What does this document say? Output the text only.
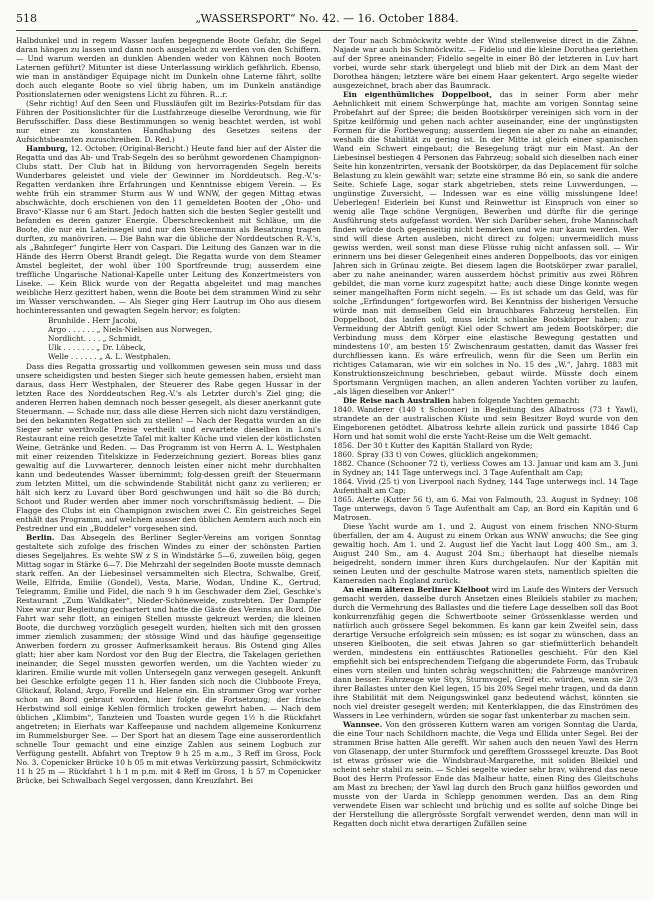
518	„WASSERSPORT“ No. 42. — 16. October 1884.

Halbdunkel und in regem Wasser laufen begegnende Boote Gefahr, die Segel daran hängen zu lassen und dann noch ausgelacht zu werden von den Schiffern. — Und warum werden an dunklen Abenden weder von Kähnen noch Booten Laternen geführt? Mitunter ist diese Unterlassung wirklich gefährlich. Ebenso, wie man in anständiger Equipage nicht im Dunkeln ohne Laterne fährt, sollte doch auch elegante Boote so viel übrig haben, um im Dunkeln anständige Positionslaternen oder wenigstens Licht zu führen. R...r.

(Sehr richtig! Auf den Seen und Flussläufen gilt im Bezirks-Potsdam für das Führen der Positionslichter für die Lustfahrzeuge dieselbe Verordnung, wie für Berufsschiffer. Dass diese Bestimmungen so wenig beachtet werden, ist wohl nur einer zu konstanten Handhabung des Gesetzes seitens der Aufsichtsbeamten zuzuschreiben. D. Red.)

Hamburg, 12. October. (Original-Bericht.) Heute fand hier auf der Alster die Regatta und das Ab- und Trab-Segeln des so berühmt gewordenen Champignon-Clubs statt. Der Club hat in Bildung von hervorragenden Segeln bereits Wunderbares geleistet und viele der Gewinner im Norddeutsch. Reg.-V.'s-Regatten verdanken ihre Erfahrungen und Kenntnisse ebigem Verein. — Es wehte früh ein strammer Sturm aus W und WNW, der gegen Mittag etwas abschwächte, doch erschienen von den 11 gemeldeten Booten der „Oho- und Bravo“-Klasse nur 6 am Start. Jedoch hatten sich die besten Segler gestellt und befanden es deren ganzer Energie. Überschreckenheit mit Schläue, um die Boote, die nur ein Lateinsegel und nur den Steuermann als Besatzung tragen durften, zu manövriren. — Die Bahn war die übliche der Norddeutschen R.-V.'s, als „Bahnfeger“ fungirte Herr von Caspari. Die Leitung des Ganzen war in die Hände des Herrn Oberst Brandt gelegt. Die Regatta wurde von dem Steamer Amstel begleitet, der wohl über 100 Sportfreunde trug; ausserdem eine treffliche Ungarische National-Kapelle unter Leitung des Konzertmeisters von Liseke. — Kein Blick wurde von der Regatta abgeleitet und mag manches weibliche Herz gezittert haben, wenn die Boote bei dem strammen Wind zu sehr im Wasser verschwanden. — Als Sieger ging Herr Lautrup im Oho aus diesem hochinteressanten und gewagten Segeln hervor; es folgten:

Brunhilde . Herr Jacobi,
Argo . . . . . . „ Niels-Nielsen aus Norwegen,
Nordlicht. . . . „ Schmidt,
Ulk . . . . . . . „ Dr. Lübeck,
Welle . . . . . . „ A. L. Westphalen.

Dass dies Regatta grossartig und vollkommen gewesen sein muss und dass unsere scheidigsten und besten Sieger sich heute gemessen haben, ersieht man daraus, dass Herr Westphalen, der Steuerer des Rabe gegen Hussar in der letzten Race des Norddeutschen Reg.-V.'s als Letzter durch's Ziel ging; die anderen Herren haben demnach noch besser gesegelt, als dieser anerkannt gute Steuermann. — Schade nur, dass alle diese Herren sich nicht dazu verständigen, bei den bekannten Regatten sich zu stellen! — Nach der Regatta wurden an die Sieger sehr werthvolle Preise vertheilt und erwartete dieselben in Loni's Restaurant eine reich gesetzte Tafel mit kalter Küche und vielen der köstlichsten Weine, Getränke und Reden. — Das Programm ist von Herrn A. L. Westphalen mit einer reizenden Titelskizze in Federzeichnung geziert. Boreas blies ganz gewaltig auf die Luvwarterer, dennoch leisten einer nicht mehr durchhalten kann und bedeutendes Wasser übernimmt; folg-dessen greift der Steuermann zum letzten Mittel, um die schwindende Stabilität nicht ganz zu verlieren; er hält sich kerz zu Luvard über Bord geschwungen und hält so die Bö durch; Schoot und Ruder werden aber immer noch vorschriftsmässig bedient. — Die Flagge des Clubs ist ein Champignon zwischen zwei C. Ein geistreiches Segel enthält das Programm, auf welchem ausser den üblichen Aemtern auch noch ein Pestredner und ein „Buddeler“ vorgesehen sind.

Berlin. Das Absegeln des Berliner Segler-Vereins am vorigen Sonntag gestaltete sich zufolge des frischen Windes zu einer der schönsten Partien dieses Segeljahres. Es wehte SW z S in Windstärke 5—6, zuweilen böig, gegen Mittag sogar in Stärke 6—7. Die Mehrzahl der segelnden Boote musste demnach stark reffen. An der Liebesinsel versammelten sich Electra, Schwalbe, Greif, Welle, Elfrida, Emilie (Gondel), Vesta, Marie, Wodan, Undine K., Gertrud, Telegramm, Emilie und Fidel, die nach 9 h im Geschwader dem Ziel, Geschke's Restaurant „Zum Waldkater“, Nieder-Schöneweide, zustrebten. Der Dampfer Nixe war zur Begleitung gechartert und hatte die Gäste des Vereins an Bord. Die Fahrt war sehr flott, an einigen Stellen musste gekreuzt werden; die kleinen Boote, die durchweg vorzüglich gesegelt wurden, hielten sich mit den grossen immer ziemlich zusammen; der stössige Wind und das häufige gegenseitige Anwerben fordern zu grosser Aufmerksamkeit heraus. Bis Ostend ging Alles glatt; hier aber kam Nordost vor den Bug der Electra, die Takelagen geriethen ineinander, die Segel mussten geworfen werden, um die Yachten wieder zu klariren. Emilie wurde mit vollen Untersegeln ganz verwegen gesegelt. Ankunft bei Geschke erfolgte gegen 11 h. Hier fanden sich noch die Clubboote Freya, Glückauf, Roland, Argo, Forelle und Helene ein. Ein strammer Grog war vorher schon an Bord gebraut worden, hier folgte die Fortsetzung; der frische Herbstwind soll einige Kehlen förmlich trocken gewehrt haben. — Nach dem üblichen „Klimbim“, Tanzteien und Toasten wurde gegen 1½ h die Rückfahrt angetreten; in Eierhats war Kaffeepause und nachdem allgemeine Konkurrenz im Rummelsburger See. — Der Sport hat an diesem Tage eine ausserordentlich schnelle Tour gemacht und eine einzige Zahlen aus seinem Logbuch zur Verfügung gestellt. Abfahrt von Treptow 9 h 25 m a.m., 3 Reff im Gross, Fock No. 3. Copenicker Brücke 10 h 05 m mit etwas Verkürzung passirt, Schmöckwitz 11 h 25 m — Rückfahrt 1 h 1 m p.m. mit 4 Reff im Gross, 1 h 57 m Copenicker Brücke, bei Schwalbach Segel vergossen, dann Kreuzfahrt. Bei

der Tour nach Schmöckwitz wehte der Wind stellenweise direct in die Zähne. Najade war auch bis Schmöckwitz. — Fidelio und die kleine Dorothea geriethen auf der Spree aneinander; Fidelio segelte in einer Bö der letzteren in Luv hart vorbei, wurde sehr stark übergelegt und blieb mit der Dirk an dem Mast der Dorothea hängen; letztere wäre bei einem Haar gekentert. Argo segelte wieder ausgezeichnet, brach aber das Baumrack.

Ein eigenthümliches Doppelboot, das in seiner Form aber mehr Aehnlichkeit mit einem Schwerpünge hat, machte am vorigen Sonntag seine Probefahrt auf der Spree; die beiden Bootskörper vereinigen sich vorn in der Spitze keilförmig und gehen nach achter auseinander, eine der ungünstigsten Formen für die Fortbewegung; ausserdem liegen sie aber zu nahe an einander, weshalb die Stabilität zu gering ist. In der Mitte ist gleich einer spanischen Wand ein Schwert eingebaut; die Besegelung trägt nur ein Mast. An der Liebesinsel bestiegen 4 Personen das Fahrzeug; sobald sich dieselben nach einer Seite hin konzentrirten, versank der Bootskörper, da das Deplacement für solche Belastung zu klein gewählt war; setzte eine stramme Bö ein, so sank die andere Seite. Schiefe Lage, sogar stark abgetrieben, stets reine Luvwerdungen, — ungünstige Zuversicht, — Indessen war es eine völlig misslungene Idee! Ueberlegen! Eiderlein bei Kunst und Reinwettur ist Einspruch von einer so wenig alle Tage schöne Vergnügen, Bewerben und dürfte für die geringe Ausführung stets aufgefasst worden. Wer sich Darüber sehen, frohe Mannschaft finden würde doch gegenseitig nicht bemerken und wie nur kaum werden. Wer sind will diese Arten ausleben, nicht direct zu folgen: unvermeidlich muss gewiss werden, weil sonst man diese Flüsse ruhig nicht anfassen soll. — Wir erinnern uns bei dieser Gelegenheit eines anderen Doppelboots, das vor einigen Jahren sich in Grünau zeigte. Bei diesem lagen die Bootskörper zwar parallel, aber zu nahe aneinander, waren ausserdem höchst primitiv aus zwei Röhren gebildet, die man vorne kurz zugespitzt hatte; auch diese Dinge konnte wegen seiner mangelhaften Form nicht segeln. — Es ist schade um das Geld, was für solche „Erfindungen“ fortgeworfen wird. Bei Kenntniss der bisherigen Versuche würde man mit demselben Geld ein brauchbares Fahrzeug herstellen. Ein Doppelboot, das laufen soll, muss leicht schlanke Bootskörper haben; zur Vermeidung der Abtrift genügt Kiel oder Schwert am jedem Bootskörper; die Verbindung muss dem Körper eine elastische Bewegung gestatten und mindestens 10', am besten 15' Zwischenraum gestatten, damit das Wasser frei durchfliessen kann. Es wäre erfreulich, wenn für die Seen um Berlin ein richtiges Catamaran, wie wir ein solches in No. 15 des „W.“, Jahrg. 1883 mit Konstruktionszeichnung beschrieben, gebaut würde. Müsste doch einem Sportsmann Vergnügen machen, an allen anderen Yachten vorüber zu laufen, „als lägen dieselben vor Anker!“

Die Reise nach Australien haben folgende Yachten gemacht:

1840. Wanderer (140 t Schooner) in Begleitung des Albatross (73 t Yawl), strandete an der australischen Küste und sein Besitzer Boyd wurde von den Eingeborenen getödtet. Albatross kehrte allein zurück und passirte 1846 Cap Horn und hat somit wohl die erste Yacht-Reise um die Welt gemacht.
1856. Der 30 t Kutter des Kapitän Stallard von Ryde;
1860. Spray (33 t) von Cowes, glücklich angekommen;
1882. Chance (Schooner 72 t), verliess Cowes am 13. Januar und kam am 3. Juni in Sydney an; 141 Tage unterwegs incl. 3 Tage Aufenthalt am Cap;
1864. Vivid (25 t) von Liverpool nach Sydney, 144 Tage unterwegs incl. 14 Tage Aufenthalt am Cap;
1865. Alerte (Kutter 56 t), am 6. Mai von Falmouth, 23. August in Sydney: 108 Tage unterwegs, davon 5 Tage Aufenthalt am Cap, an Bord ein Kapitän und 6 Matrosen.

Diese Yacht wurde am 1. und 2. August von einem frischen NNO-Sturm überfallen, der am 4. August zu einem Orkan aus WNW anwuchs; die See ging gewaltig hoch. Am 1. und 2. August lief die Yacht laut Logg 400 Sm., am 3. August 240 Sm., am 4. August 204 Sm.; überhaupt hat dieselbe niemals beigedreht, sondern immer ihren Kurs durchgelaufen. Nur der Kapitän mit seinen Leuten und der geschulte Matrose waren stets, namentlich spielten die Kameraden nach England zurück.

An einem älteren Berliner Kielboot wird im Laufe des Winters der Versuch gemacht werden, dasselbe durch Ansetzen eines Bleikiels stabiler zu machen; durch die Vermehrung des Ballastes und die tiefere Lage desselben soll das Boot konkurrenzfähig gegen die Schwertboote seiner Grössenklasse werden und natürlich auch grössere Segel bekommen. Es kann gar kein Zweifel sein, dass derartige Versuche erfolgreich sein müssen; es ist sogar zu wünschen, dass an unseren Kielbooten, die seit etwas Jahren so gar stiefmütterlich behandelt werden, mindestens ein enttäuschtes Rationelles geschieht. Für den Kiel empfiehlt sich bei entsprechendem Tiefgang die abgerundete Form, das Trubauk eines vorn steilen und hinten schräg wegschnitten; die Fahrzeuge manövriren dann besser. Fahrzeuge wie Styx, Sturmvogel, Greif etc. würden, wenn sie 2/3 ihrer Ballastes unter den Kiel legen, 15 bis 20% Segel mehr tragen, und da dann ihre Stabilität mit dem Neigungswinkel ganz bedeutend wächst, könnten sie noch viel dreister gesegelt werden; mit Kenterklappen, die das Einströmen des Wassers in Lee verhindern, würden sie sogar fast unkenterbar zu machen sein.

Wannsee. Von den grösseren Kuttern waren am vorigen Sonntag die Uarda, die eine Tour nach Schildhorn machte, die Vega und Ellida unter Segel. Bei der strammen Brise hatten Alle gerefft. Wir sahen auch den neuen Yawl des Herrn von Glasenapp, der unter Sturmfock und gerefftem Grosssegel kreuzte. Das Boot ist etwas grösser wie die Windsbraut-Margarethe, mit soliden Bleikiel und scheint sehr stabil zu sein. — Schlei segelte wieder sehr brav, während das neue Boot des Herrn Professor Ende das Malheur hatte, einen Ring des Gleitschuhs am Mast zu brechen; der Yawl lag durch den Bruch ganz hülflos geworden und musste von der Uarda in Schlepp genommen werden. Das an dem Ring verwendete Eisen war schlecht und brüchig und es sollte auf solche Dinge bei der Herstellung die allergrösste Sorgfalt verwendet werden, denn man will in Regatten doch nicht etwa derartigen Zufällen seine
